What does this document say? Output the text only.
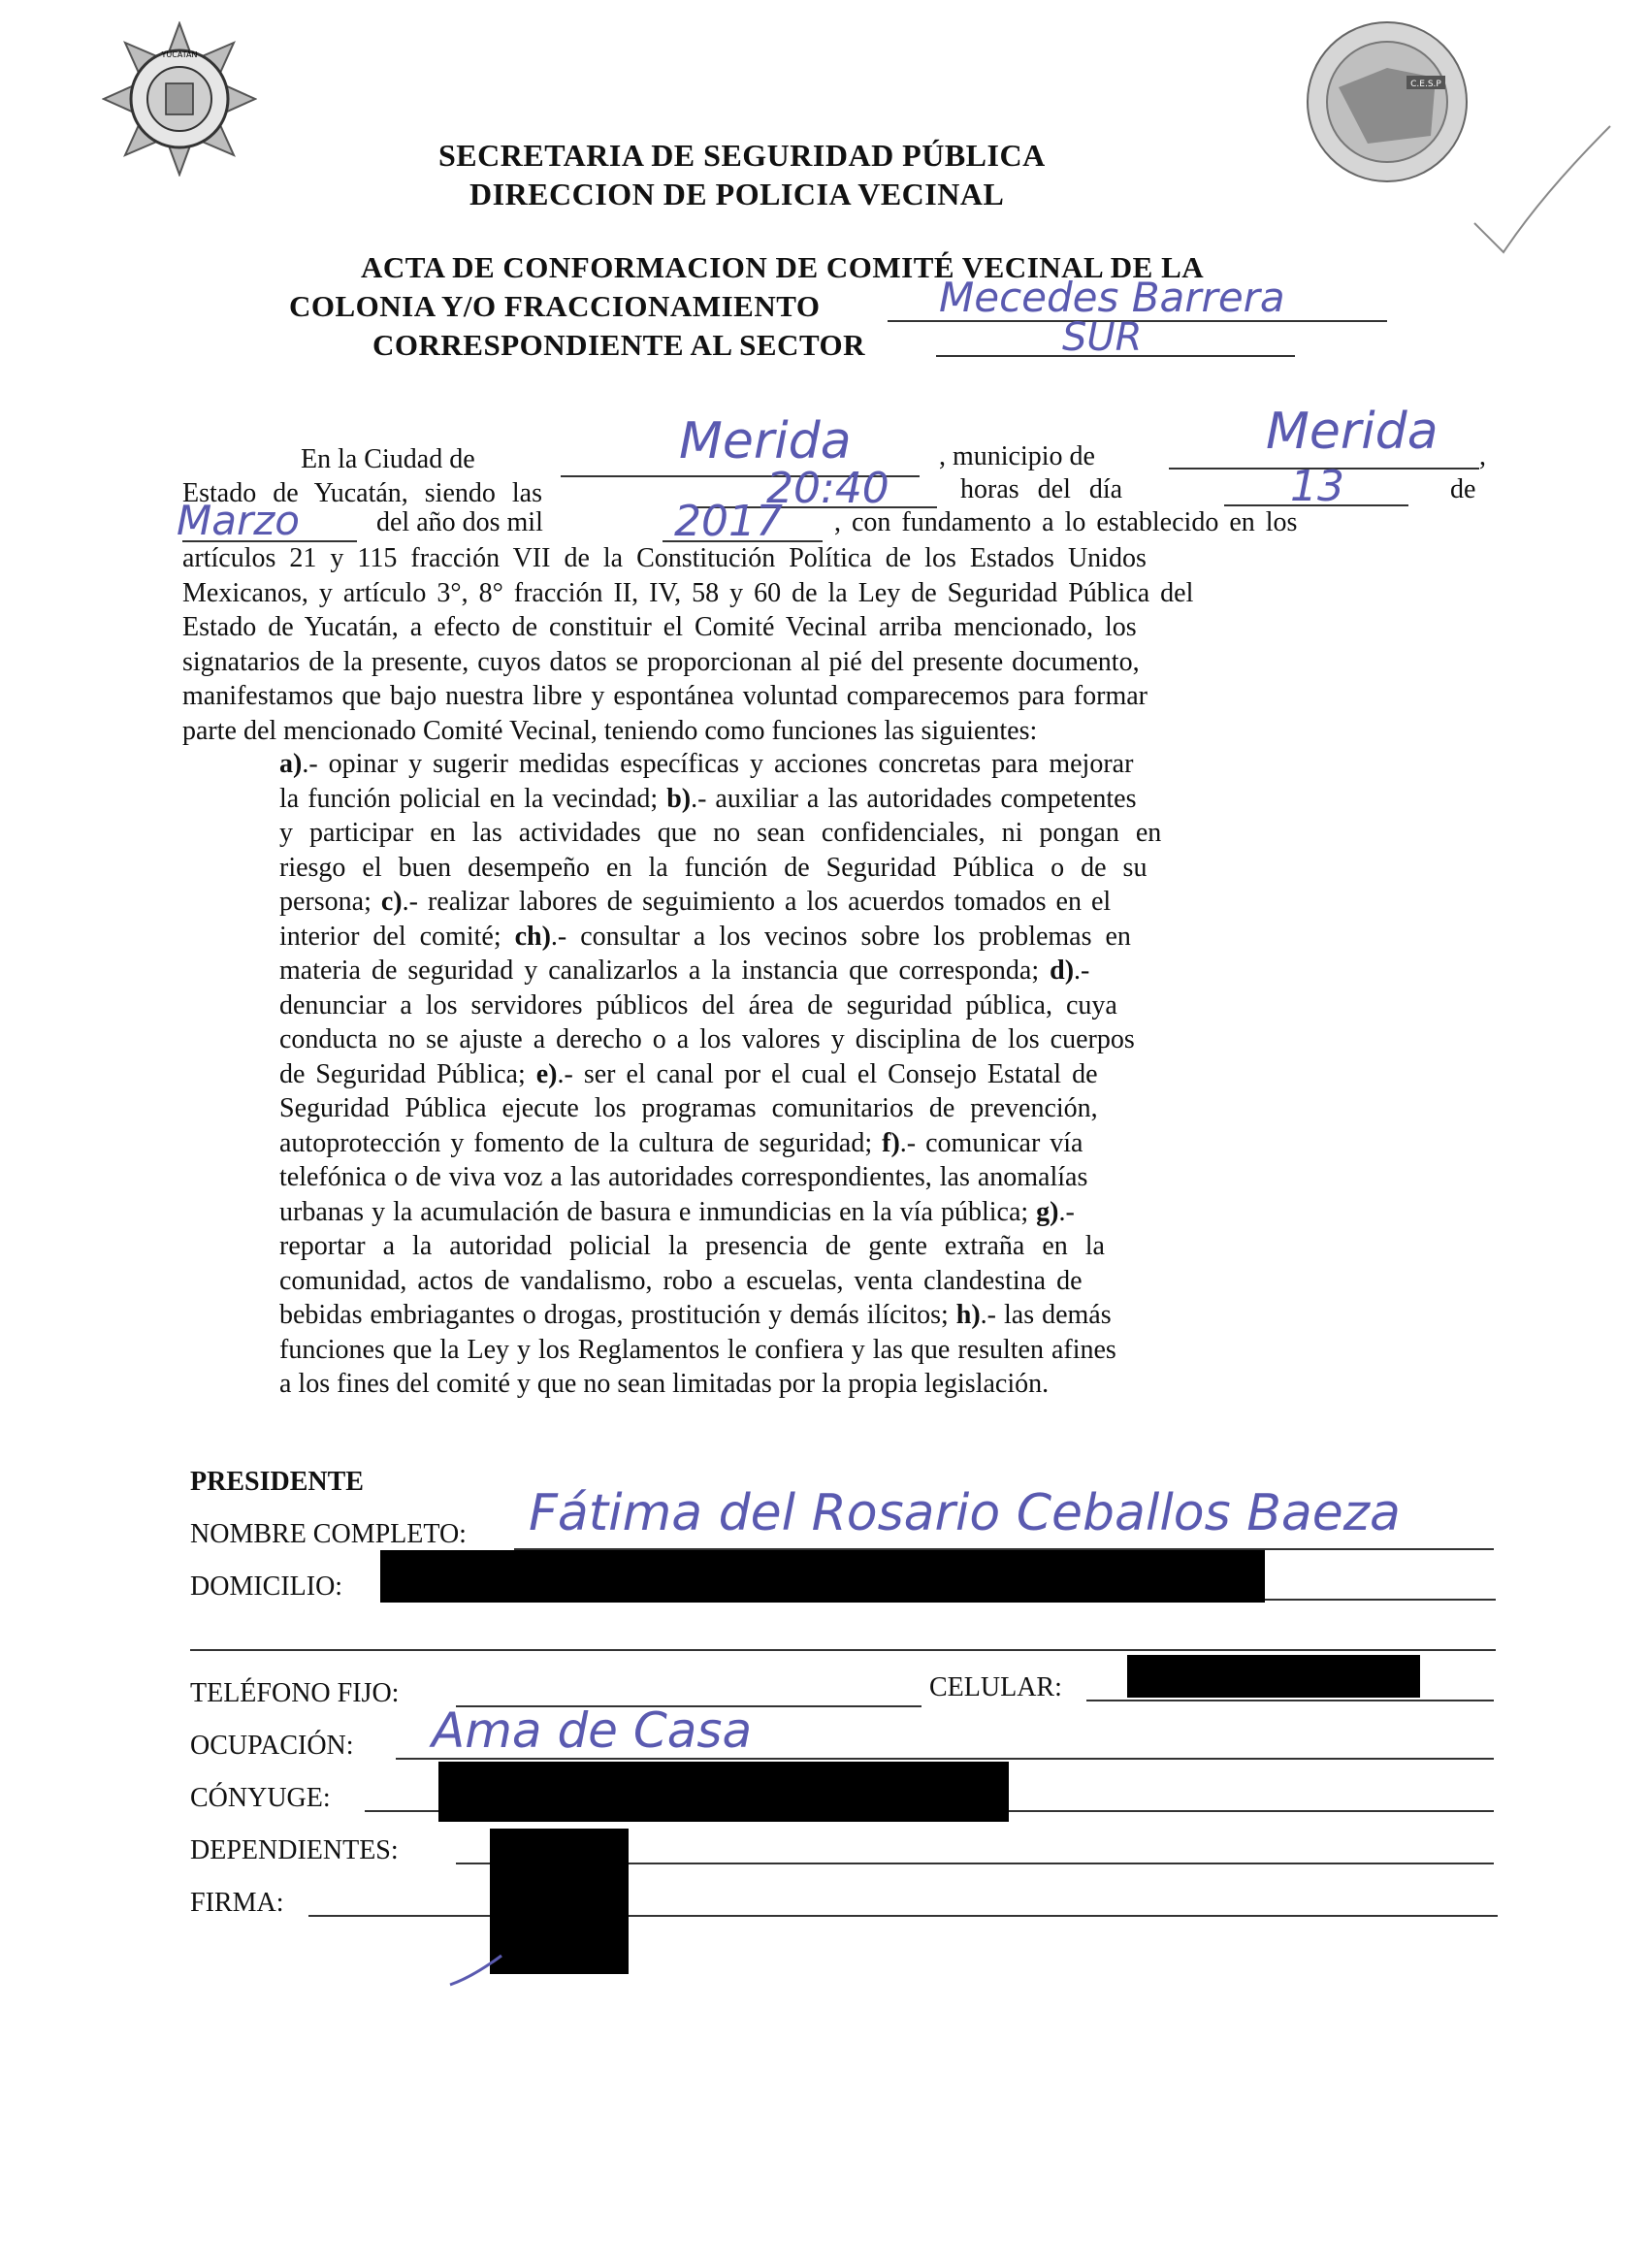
YUCATÁN
C.E.S.P
SECRETARIA DE SEGURIDAD PÚBLICA
DIRECCION DE POLICIA VECINAL
ACTA DE CONFORMACION DE COMITÉ VECINAL DE LA
COLONIA Y/O FRACCIONAMIENTO	Mecedes Barrera
CORRESPONDIENTE AL SECTOR	SUR
En la Ciudad de	Merida	, municipio de	Merida ,
Estado de Yucatán, siendo las	20:40	horas del día	13	de
Marzo	del año dos mil	2017 , con fundamento a lo establecido en los
artículos 21 y 115 fracción VII de la Constitución Política de los Estados Unidos
Mexicanos, y artículo 3°, 8° fracción II, IV, 58 y 60 de la Ley de Seguridad Pública del
Estado de Yucatán, a efecto de constituir el Comité Vecinal arriba mencionado, los
signatarios de la presente, cuyos datos se proporcionan al pié del presente documento,
manifestamos que bajo nuestra libre y espontánea voluntad comparecemos para formar
parte del mencionado Comité Vecinal, teniendo como funciones las siguientes:
a).- opinar y sugerir medidas específicas y acciones concretas para mejorar
la función policial en la vecindad; b).- auxiliar a las autoridades competentes
y participar en las actividades que no sean confidenciales, ni pongan en
riesgo el buen desempeño en la función de Seguridad Pública o de su
persona; c).- realizar labores de seguimiento a los acuerdos tomados en el
interior del comité; ch).- consultar a los vecinos sobre los problemas en
materia de seguridad y canalizarlos a la instancia que corresponda; d).-
denunciar a los servidores públicos del área de seguridad pública, cuya
conducta no se ajuste a derecho o a los valores y disciplina de los cuerpos
de Seguridad Pública; e).- ser el canal por el cual el Consejo Estatal de
Seguridad Pública ejecute los programas comunitarios de prevención,
autoprotección y fomento de la cultura de seguridad; f).- comunicar vía
telefónica o de viva voz a las autoridades correspondientes, las anomalías
urbanas y la acumulación de basura e inmundicias en la vía pública; g).-
reportar a la autoridad policial la presencia de gente extraña en la
comunidad, actos de vandalismo, robo a escuelas, venta clandestina de
bebidas embriagantes o drogas, prostitución y demás ilícitos; h).- las demás
funciones que la Ley y los Reglamentos le confiera y las que resulten afines
a los fines del comité y que no sean limitadas por la propia legislación.
PRESIDENTE
NOMBRE COMPLETO: Fátima del Rosario Ceballos Baeza
DOMICILIO:
TELÉFONO FIJO:	CELULAR:
OCUPACIÓN: Ama de Casa
CÓNYUGE:
DEPENDIENTES:
FIRMA:
